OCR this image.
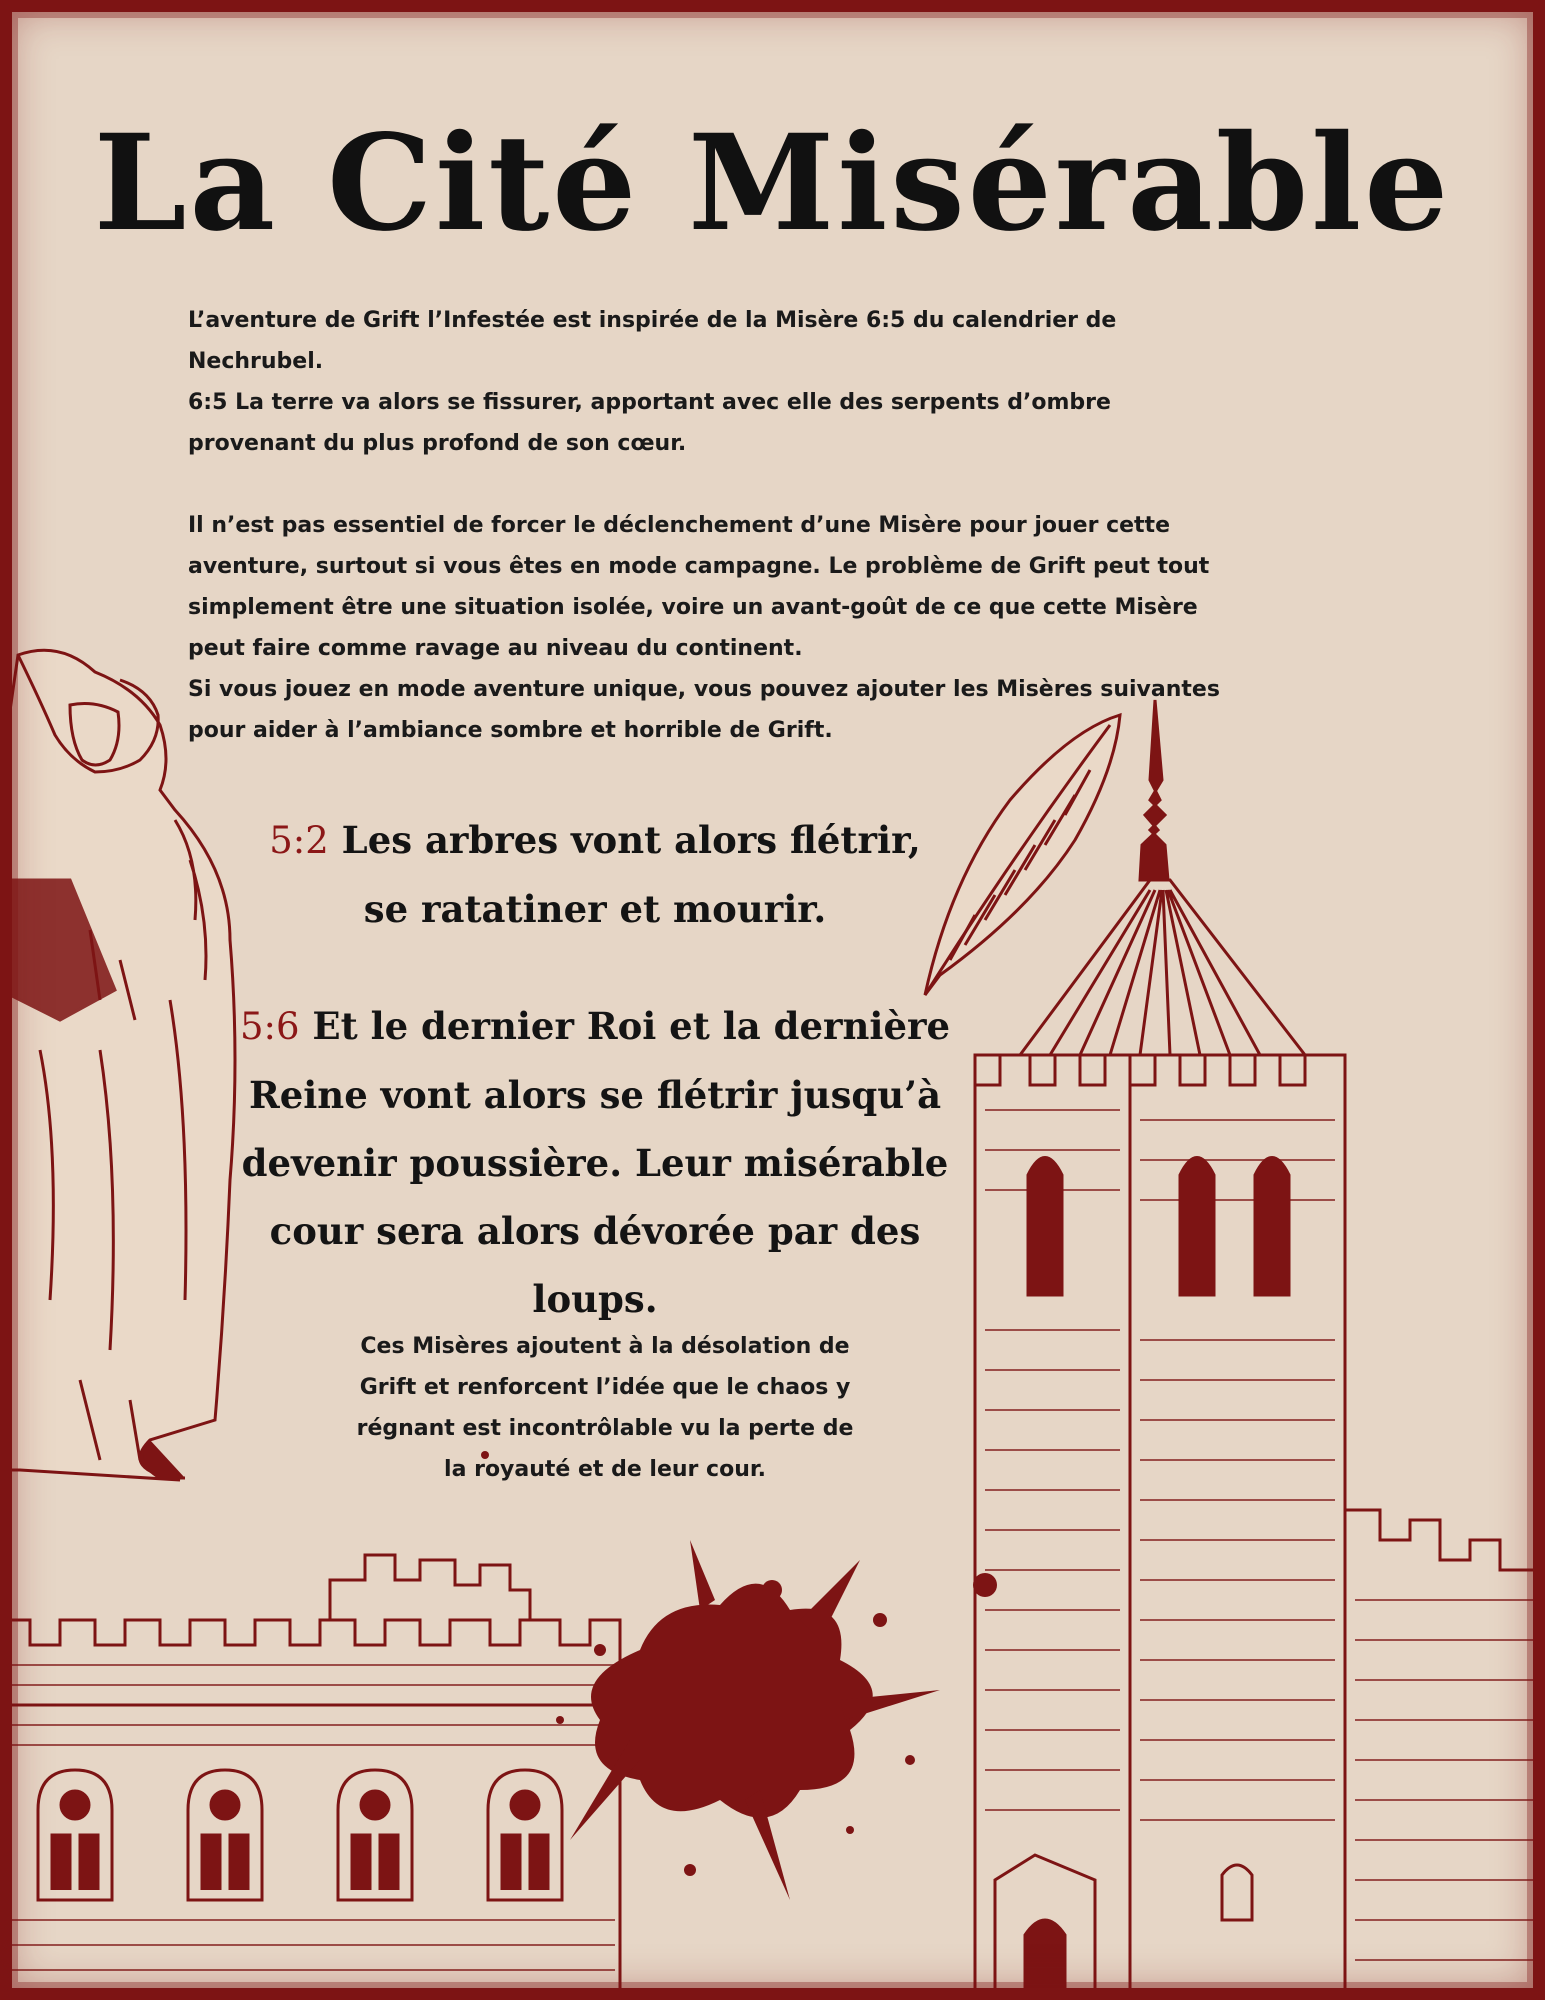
La Cité Misérable

L’aventure de Grift l’Infestée est inspirée de la Misère 6:5 du calendrier de Nechrubel.

6:5 La terre va alors se fissurer, apportant avec elle des serpents d’ombre provenant du plus profond de son cœur.

Il n’est pas essentiel de forcer le déclenchement d’une Misère pour jouer cette aventure, surtout si vous êtes en mode campagne. Le problème de Grift peut tout simplement être une situation isolée, voire un avant-goût de ce que cette Misère peut faire comme ravage au niveau du continent.

Si vous jouez en mode aventure unique, vous pouvez ajouter les Misères suivantes pour aider à l’ambiance sombre et horrible de Grift.

5:2 Les arbres vont alors flétrir, se ratatiner et mourir.
5:6 Et le dernier Roi et la dernière Reine vont alors se flétrir jusqu’à devenir poussière. Leur misérable cour sera alors dévorée par des loups.
Ces Misères ajoutent à la désolation de Grift et renforcent l’idée que le chaos y régnant est incontrôlable vu la perte de la royauté et de leur cour.
